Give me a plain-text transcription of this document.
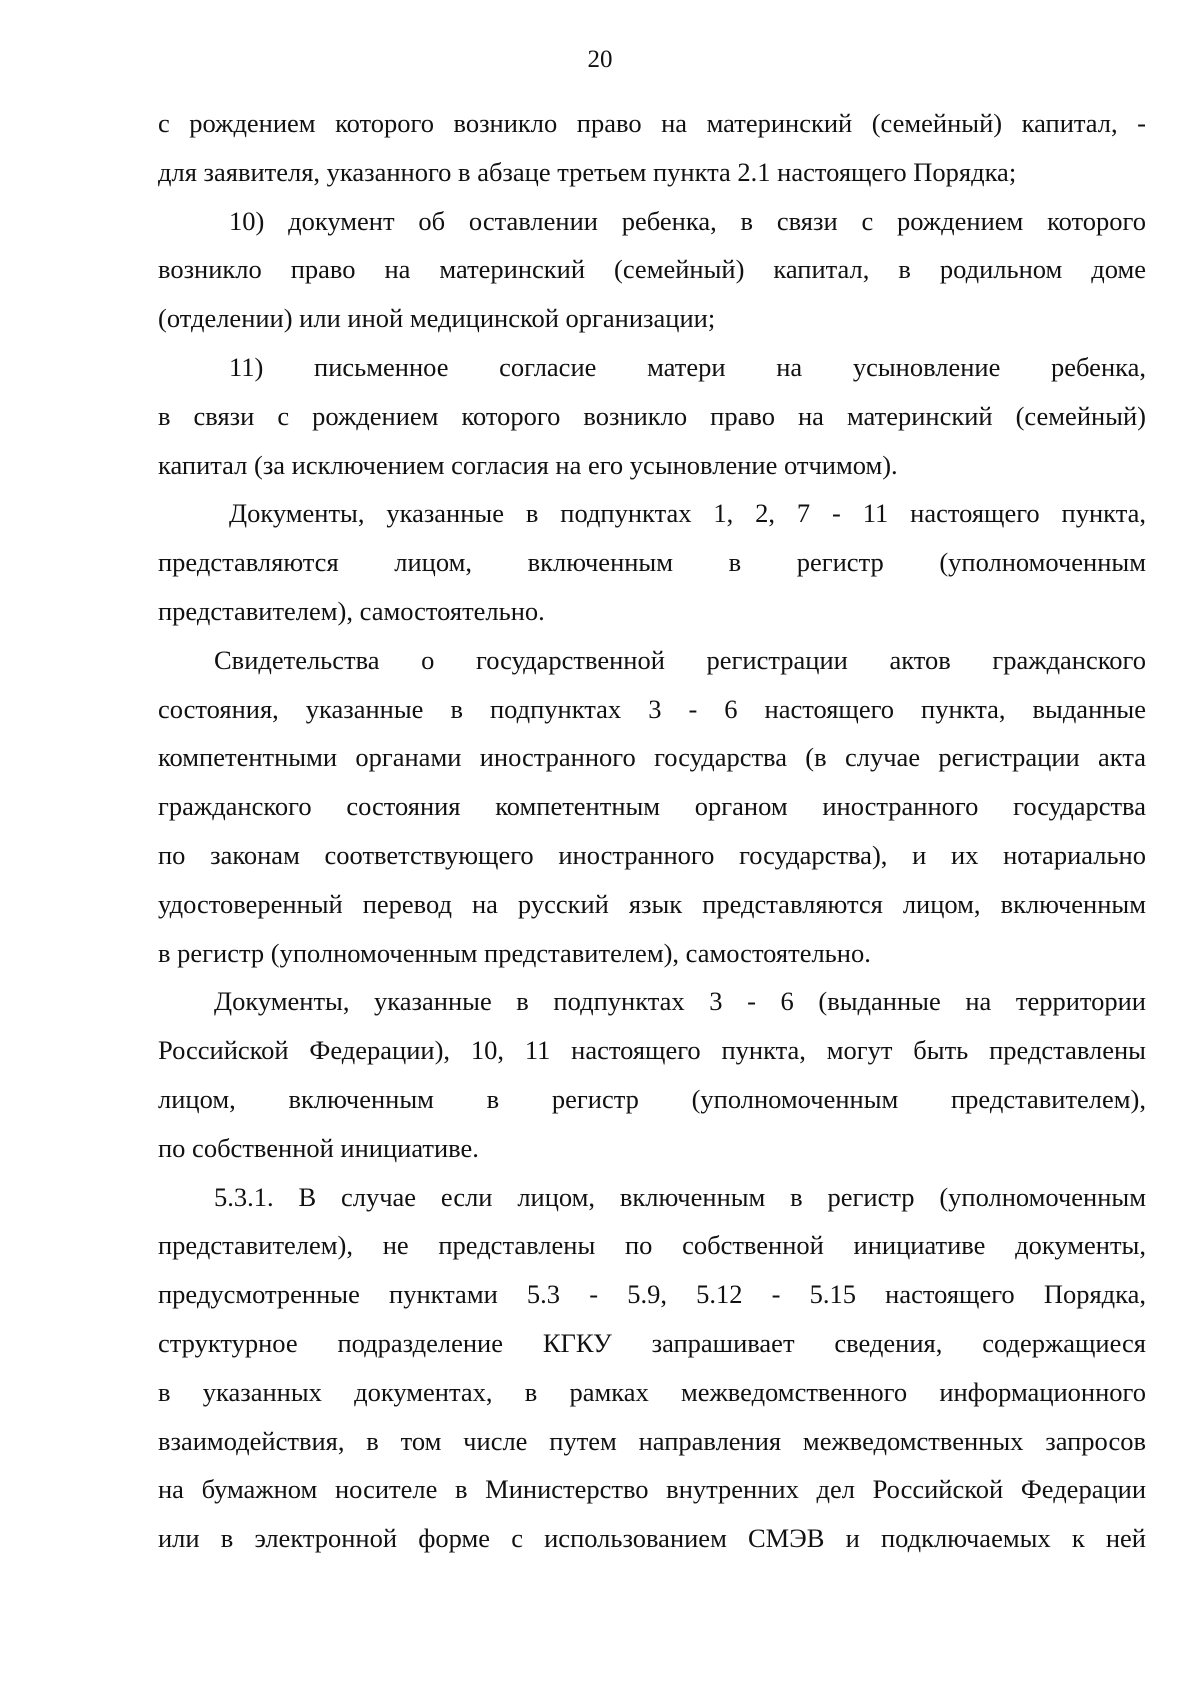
20
с рождением которого возникло право на материнский (семейный) капитал, -
для заявителя, указанного в абзаце третьем пункта 2.1 настоящего Порядка;
10) документ об оставлении ребенка, в связи с рождением которого
возникло право на материнский (семейный) капитал, в родильном доме
(отделении) или иной медицинской организации;
11) письменное согласие матери на усыновление ребенка,
в связи с рождением которого возникло право на материнский (семейный)
капитал (за исключением согласия на его усыновление отчимом).
Документы, указанные в подпунктах 1, 2, 7 - 11 настоящего пункта,
представляются лицом, включенным в регистр (уполномоченным
представителем), самостоятельно.
Свидетельства о государственной регистрации актов гражданского
состояния, указанные в подпунктах 3 - 6 настоящего пункта, выданные
компетентными органами иностранного государства (в случае регистрации акта
гражданского состояния компетентным органом иностранного государства
по законам соответствующего иностранного государства), и их нотариально
удостоверенный перевод на русский язык представляются лицом, включенным
в регистр (уполномоченным представителем), самостоятельно.
Документы, указанные в подпунктах 3 - 6 (выданные на территории
Российской Федерации), 10, 11 настоящего пункта, могут быть представлены
лицом, включенным в регистр (уполномоченным представителем),
по собственной инициативе.
5.3.1. В случае если лицом, включенным в регистр (уполномоченным
представителем), не представлены по собственной инициативе документы,
предусмотренные пунктами 5.3 - 5.9, 5.12 - 5.15 настоящего Порядка,
структурное подразделение КГКУ запрашивает сведения, содержащиеся
в указанных документах, в рамках межведомственного информационного
взаимодействия, в том числе путем направления межведомственных запросов
на бумажном носителе в Министерство внутренних дел Российской Федерации
или в электронной форме с использованием СМЭВ и подключаемых к ней
